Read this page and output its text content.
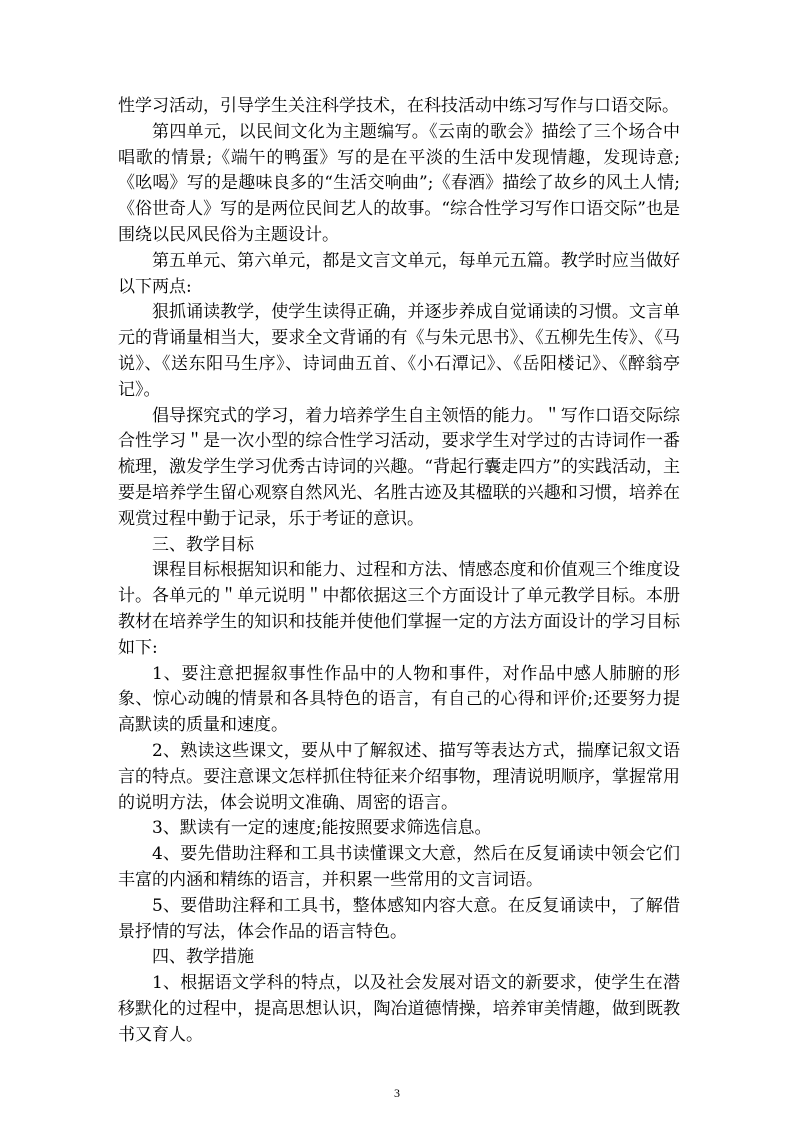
性学习活动，引导学生关注科学技术，在科技活动中练习写作与口语交际。

第四单元，以民间文化为主题编写。《云南的歌会》描绘了三个场合中唱歌的情景;《端午的鸭蛋》写的是在平淡的生活中发现情趣，发现诗意;《吆喝》写的是趣味良多的“生活交响曲”;《春酒》描绘了故乡的风土人情;《俗世奇人》写的是两位民间艺人的故事。“综合性学习写作口语交际”也是围绕以民风民俗为主题设计。

第五单元、第六单元，都是文言文单元，每单元五篇。教学时应当做好以下两点:

狠抓诵读教学，使学生读得正确，并逐步养成自觉诵读的习惯。文言单元的背诵量相当大，要求全文背诵的有《与朱元思书》、《五柳先生传》、《马说》、《送东阳马生序》、诗词曲五首、《小石潭记》、《岳阳楼记》、《醉翁亭记》。

倡导探究式的学习，着力培养学生自主领悟的能力。＂写作口语交际综合性学习＂是一次小型的综合性学习活动，要求学生对学过的古诗词作一番梳理，激发学生学习优秀古诗词的兴趣。“背起行囊走四方”的实践活动，主要是培养学生留心观察自然风光、名胜古迹及其楹联的兴趣和习惯，培养在观赏过程中勤于记录，乐于考证的意识。

三、教学目标

课程目标根据知识和能力、过程和方法、情感态度和价值观三个维度设计。各单元的＂单元说明＂中都依据这三个方面设计了单元教学目标。本册教材在培养学生的知识和技能并使他们掌握一定的方法方面设计的学习目标如下:

1、要注意把握叙事性作品中的人物和事件，对作品中感人肺腑的形象、惊心动魄的情景和各具特色的语言，有自己的心得和评价;还要努力提高默读的质量和速度。

2、熟读这些课文，要从中了解叙述、描写等表达方式，揣摩记叙文语言的特点。要注意课文怎样抓住特征来介绍事物，理清说明顺序，掌握常用的说明方法，体会说明文准确、周密的语言。

3、默读有一定的速度;能按照要求筛选信息。

4、要先借助注释和工具书读懂课文大意，然后在反复诵读中领会它们丰富的内涵和精练的语言，并积累一些常用的文言词语。

5、要借助注释和工具书，整体感知内容大意。在反复诵读中，了解借景抒情的写法，体会作品的语言特色。

四、教学措施

1、根据语文学科的特点，以及社会发展对语文的新要求，使学生在潜移默化的过程中，提高思想认识，陶冶道德情操，培养审美情趣，做到既教书又育人。

3
